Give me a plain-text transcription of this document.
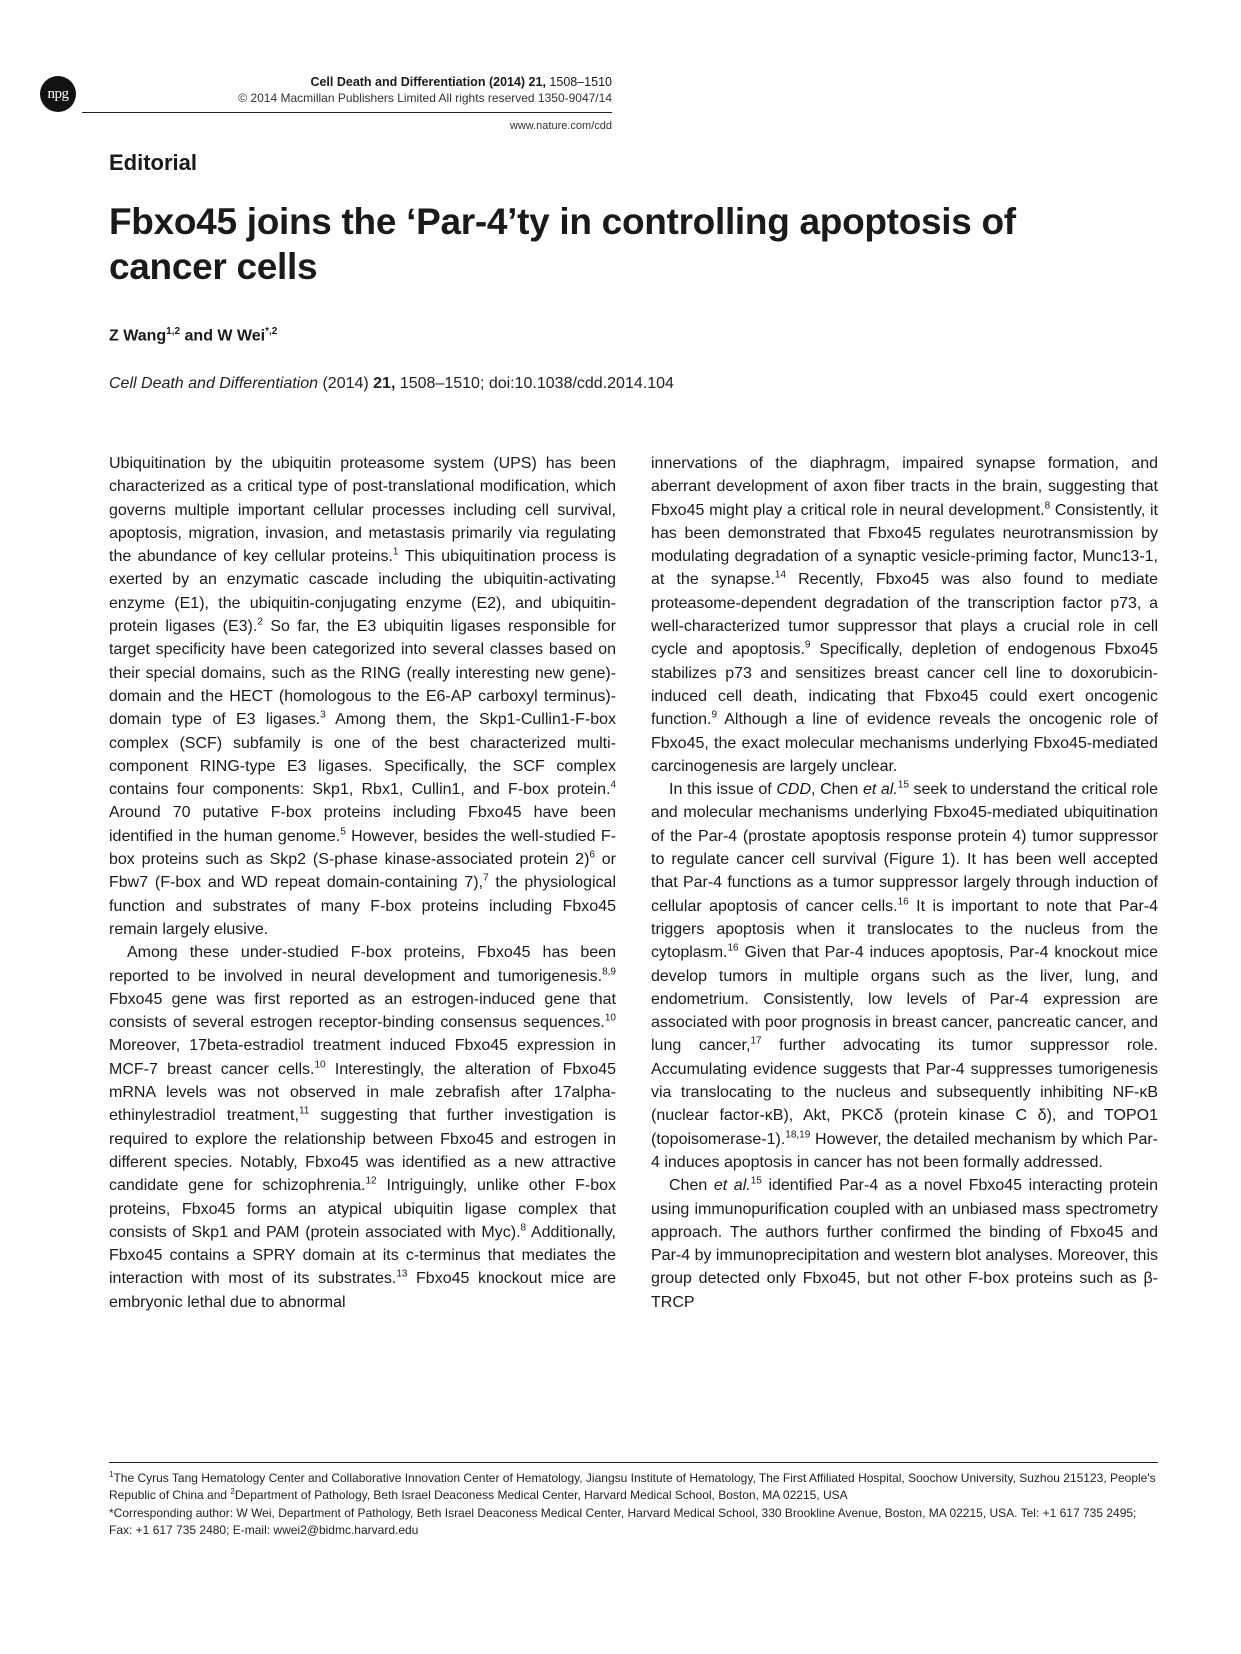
npg
Cell Death and Differentiation (2014) 21, 1508–1510
© 2014 Macmillan Publishers Limited All rights reserved 1350-9047/14
www.nature.com/cdd
Editorial
Fbxo45 joins the ‘Par-4’ty in controlling apoptosis of cancer cells
Z Wang$^{1,2}$ and W Wei$^{*,2}$
Cell Death and Differentiation (2014) 21, 1508–1510; doi:10.1038/cdd.2014.104

Ubiquitination by the ubiquitin proteasome system (UPS) has been characterized as a critical type of post-translational modification, which governs multiple important cellular processes including cell survival, apoptosis, migration, invasion, and metastasis primarily via regulating the abundance of key cellular proteins.$^1$ This ubiquitination process is exerted by an enzymatic cascade including the ubiquitin-activating enzyme (E1), the ubiquitin-conjugating enzyme (E2), and ubiquitin-protein ligases (E3).$^2$ So far, the E3 ubiquitin ligases responsible for target specificity have been categorized into several classes based on their special domains, such as the RING (really interesting new gene)-domain and the HECT (homologous to the E6-AP carboxyl terminus)-domain type of E3 ligases.$^3$ Among them, the Skp1-Cullin1-F-box complex (SCF) subfamily is one of the best characterized multi-component RING-type E3 ligases. Specifically, the SCF complex contains four components: Skp1, Rbx1, Cullin1, and F-box protein.$^4$ Around 70 putative F-box proteins including Fbxo45 have been identified in the human genome.$^5$ However, besides the well-studied F-box proteins such as Skp2 (S-phase kinase-associated protein 2)$^6$ or Fbw7 (F-box and WD repeat domain-containing 7),$^7$ the physiological function and substrates of many F-box proteins including Fbxo45 remain largely elusive.

Among these under-studied F-box proteins, Fbxo45 has been reported to be involved in neural development and tumorigenesis.$^{8,9}$ Fbxo45 gene was first reported as an estrogen-induced gene that consists of several estrogen receptor-binding consensus sequences.$^{10}$ Moreover, 17beta-estradiol treatment induced Fbxo45 expression in MCF-7 breast cancer cells.$^{10}$ Interestingly, the alteration of Fbxo45 mRNA levels was not observed in male zebrafish after 17alpha-ethinylestradiol treatment,$^{11}$ suggesting that further investigation is required to explore the relationship between Fbxo45 and estrogen in different species. Notably, Fbxo45 was identified as a new attractive candidate gene for schizophrenia.$^{12}$ Intriguingly, unlike other F-box proteins, Fbxo45 forms an atypical ubiquitin ligase complex that consists of Skp1 and PAM (protein associated with Myc).$^8$ Additionally, Fbxo45 contains a SPRY domain at its c-terminus that mediates the interaction with most of its substrates.$^{13}$ Fbxo45 knockout mice are embryonic lethal due to abnormal

innervations of the diaphragm, impaired synapse formation, and aberrant development of axon fiber tracts in the brain, suggesting that Fbxo45 might play a critical role in neural development.$^8$ Consistently, it has been demonstrated that Fbxo45 regulates neurotransmission by modulating degradation of a synaptic vesicle-priming factor, Munc13-1, at the synapse.$^{14}$ Recently, Fbxo45 was also found to mediate proteasome-dependent degradation of the transcription factor p73, a well-characterized tumor suppressor that plays a crucial role in cell cycle and apoptosis.$^9$ Specifically, depletion of endogenous Fbxo45 stabilizes p73 and sensitizes breast cancer cell line to doxorubicin-induced cell death, indicating that Fbxo45 could exert oncogenic function.$^9$ Although a line of evidence reveals the oncogenic role of Fbxo45, the exact molecular mechanisms underlying Fbxo45-mediated carcinogenesis are largely unclear.

In this issue of CDD, Chen et al.$^{15}$ seek to understand the critical role and molecular mechanisms underlying Fbxo45-mediated ubiquitination of the Par-4 (prostate apoptosis response protein 4) tumor suppressor to regulate cancer cell survival (Figure 1). It has been well accepted that Par-4 functions as a tumor suppressor largely through induction of cellular apoptosis of cancer cells.$^{16}$ It is important to note that Par-4 triggers apoptosis when it translocates to the nucleus from the cytoplasm.$^{16}$ Given that Par-4 induces apoptosis, Par-4 knockout mice develop tumors in multiple organs such as the liver, lung, and endometrium. Consistently, low levels of Par-4 expression are associated with poor prognosis in breast cancer, pancreatic cancer, and lung cancer,$^{17}$ further advocating its tumor suppressor role. Accumulating evidence suggests that Par-4 suppresses tumorigenesis via translocating to the nucleus and subsequently inhibiting NF-κB (nuclear factor-κB), Akt, PKCδ (protein kinase C δ), and TOPO1 (topoisomerase-1).$^{18,19}$ However, the detailed mechanism by which Par-4 induces apoptosis in cancer has not been formally addressed.

Chen et al.$^{15}$ identified Par-4 as a novel Fbxo45 interacting protein using immunopurification coupled with an unbiased mass spectrometry approach. The authors further confirmed the binding of Fbxo45 and Par-4 by immunoprecipitation and western blot analyses. Moreover, this group detected only Fbxo45, but not other F-box proteins such as β-TRCP

$^1$The Cyrus Tang Hematology Center and Collaborative Innovation Center of Hematology, Jiangsu Institute of Hematology, The First Affiliated Hospital, Soochow University, Suzhou 215123, People's Republic of China and $^2$Department of Pathology, Beth Israel Deaconess Medical Center, Harvard Medical School, Boston, MA 02215, USA

*Corresponding author: W Wei, Department of Pathology, Beth Israel Deaconess Medical Center, Harvard Medical School, 330 Brookline Avenue, Boston, MA 02215, USA. Tel: +1 617 735 2495; Fax: +1 617 735 2480; E-mail: wwei2@bidmc.harvard.edu
